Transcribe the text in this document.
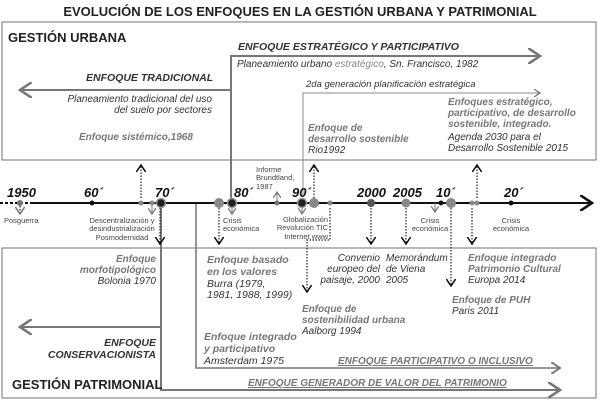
EVOLUCIÓN DE LOS ENFOQUES EN LA GESTIÓN URBANA Y PATRIMONIAL
GESTIÓN URBANA
ENFOQUE TRADICIONAL
Planeamiento tradicional del uso
del suelo por sectores
Enfoque sistémico,1968
ENFOQUE ESTRATÉGICO Y PARTICIPATIVO
Planeamiento urbano estratégico, Sn. Francisco, 1982
2da generación planificación estratégica
Enfoque de
desarrollo sostenible
Rio1992
Enfoques estratégico,
participativo, de desarrollo
sostenible, integrado.
Agenda 2030 para el
Desarrollo Sostenible 2015
1950	60´	70´	80´	90´	2000 2005 10´	20´
Posguerra	Descentralización y
desindustrialización
Posmodernidad
Crisis
económica
Informe
Brundtland,
1987
Globalización
Revolución TIC
Internet www
Crisis
económica
Crisis
económica
Enfoque
morfotipológico
Bolonia 1970
ENFOQUE
CONSERVACIONISTA
GESTIÓN PATRIMONIAL
Enfoque basado
en los valores
Burra (1979,
1981, 1988, 1999)
Enfoque integrado
y participativo
Amsterdam 1975
Convenio
europeo del
paisaje, 2000
Memorándum
de Viena
2005
Enfoque de
sostenibilidad urbana
Aalborg 1994
Enfoque de PUH
Paris 2011
Enfoque integrado
Patrimonio Cultural
Europa 2014
ENFOQUE PARTICIPATIVO O INCLUSIVO
ENFOQUE GENERADOR DE VALOR DEL PATRIMONIO
